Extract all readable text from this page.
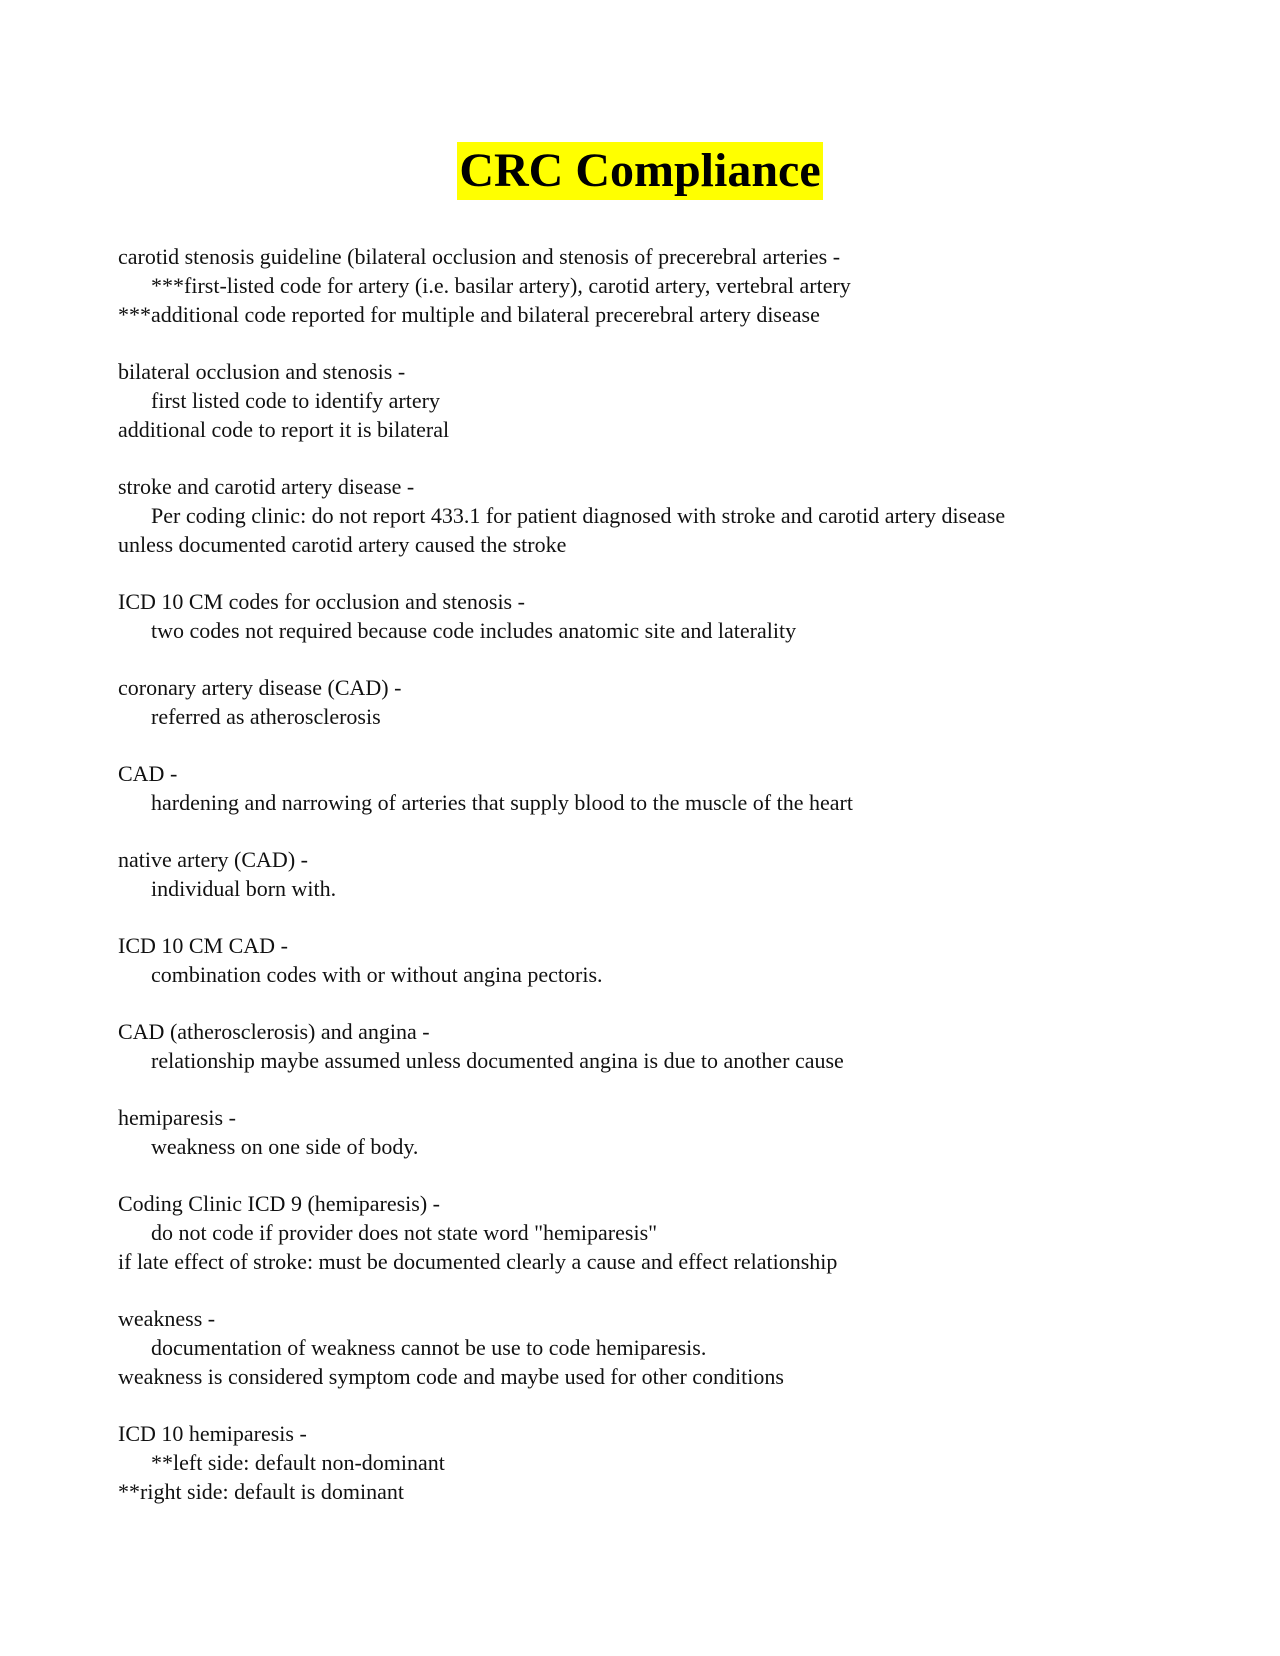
CRC Compliance
carotid stenosis guideline (bilateral occlusion and stenosis of precerebral arteries -
***first-listed code for artery (i.e. basilar artery), carotid artery, vertebral artery
***additional code reported for multiple and bilateral precerebral artery disease
bilateral occlusion and stenosis -
first listed code to identify artery
additional code to report it is bilateral
stroke and carotid artery disease -
Per coding clinic: do not report 433.1 for patient diagnosed with stroke and carotid artery disease
unless documented carotid artery caused the stroke
ICD 10 CM codes for occlusion and stenosis -
two codes not required because code includes anatomic site and laterality
coronary artery disease (CAD) -
referred as atherosclerosis
CAD -
hardening and narrowing of arteries that supply blood to the muscle of the heart
native artery (CAD) -
individual born with.
ICD 10 CM CAD -
combination codes with or without angina pectoris.
CAD (atherosclerosis) and angina -
relationship maybe assumed unless documented angina is due to another cause
hemiparesis -
weakness on one side of body.
Coding Clinic ICD 9 (hemiparesis) -
do not code if provider does not state word "hemiparesis"
if late effect of stroke: must be documented clearly a cause and effect relationship
weakness -
documentation of weakness cannot be use to code hemiparesis.
weakness is considered symptom code and maybe used for other conditions
ICD 10 hemiparesis -
**left side: default non-dominant
**right side: default is dominant
